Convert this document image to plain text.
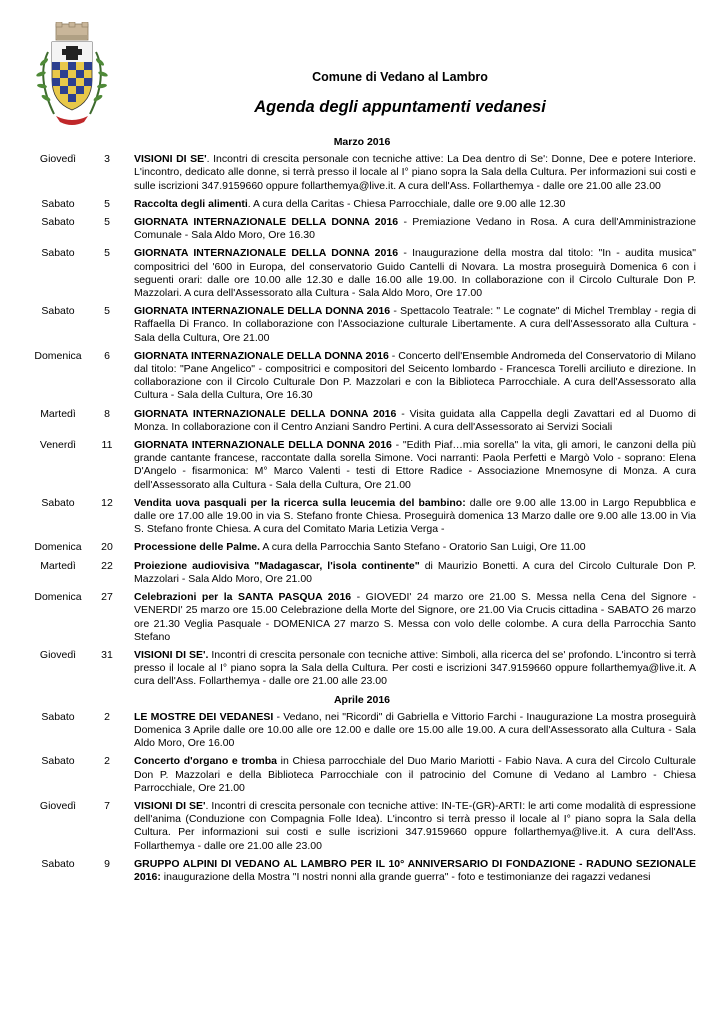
Comune di Vedano al Lambro
Agenda degli appuntamenti vedanesi
Marzo 2016
Giovedì	3	VISIONI DI SE'. Incontri di crescita personale con tecniche attive: La Dea dentro di Se': Donne, Dee e potere Interiore. L'incontro, dedicato alle donne, si terrà presso il locale al I° piano sopra la Sala della Cultura. Per informazioni sui costi e sulle iscrizioni 347.9159660 oppure follarthemya@live.it. A cura dell'Ass. Follarthemya - dalle ore 21.00 alle 23.00
Sabato	5	Raccolta degli alimenti. A cura della Caritas - Chiesa Parrocchiale, dalle ore 9.00 alle 12.30
Sabato	5	GIORNATA INTERNAZIONALE DELLA DONNA 2016 - Premiazione Vedano in Rosa. A cura dell'Amministrazione Comunale - Sala Aldo Moro, Ore 16.30
Sabato	5	GIORNATA INTERNAZIONALE DELLA DONNA 2016 - Inaugurazione della mostra dal titolo: "In - audita musica" compositrici del '600 in Europa, del conservatorio Guido Cantelli di Novara. La mostra proseguirà Domenica 6 con i seguenti orari: dalle ore 10.00 alle 12.30 e dalle 16.00 alle 19.00. In collaborazione con il Circolo Culturale Don P. Mazzolari. A cura dell'Assessorato alla Cultura - Sala Aldo Moro, Ore 17.00
Sabato	5	GIORNATA INTERNAZIONALE DELLA DONNA 2016 - Spettacolo Teatrale: " Le cognate" di Michel Tremblay - regia di Raffaella Di Franco. In collaborazione con l'Associazione culturale Libertamente. A cura dell'Assessorato alla Cultura - Sala della Cultura, Ore 21.00
Domenica	6	GIORNATA INTERNAZIONALE DELLA DONNA 2016 - Concerto dell'Ensemble Andromeda del Conservatorio di Milano dal titolo: "Pane Angelico" - compositrici e compositori del Seicento lombardo - Francesca Torelli arciliuto e direzione. In collaborazione con il Circolo Culturale Don P. Mazzolari e con la Biblioteca Parrocchiale. A cura dell'Assessorato alla Cultura - Sala della Cultura, Ore 16.30
Martedì	8	GIORNATA INTERNAZIONALE DELLA DONNA 2016 - Visita guidata alla Cappella degli Zavattari ed al Duomo di Monza. In collaborazione con il Centro Anziani Sandro Pertini. A cura dell'Assessorato ai Servizi Sociali
Venerdì	11	GIORNATA INTERNAZIONALE DELLA DONNA 2016 - "Edith Piaf…mia sorella" la vita, gli amori, le canzoni della più grande cantante francese, raccontate dalla sorella Simone. Voci narranti: Paola Perfetti e Margò Volo - soprano: Elena D'Angelo - fisarmonica: M° Marco Valenti - testi di Ettore Radice - Associazione Mnemosyne di Monza. A cura dell'Assessorato alla Cultura - Sala della Cultura, Ore 21.00
Sabato	12	Vendita uova pasquali per la ricerca sulla leucemia del bambino: dalle ore 9.00 alle 13.00 in Largo Repubblica e dalle ore 17.00 alle 19.00 in via S. Stefano fronte Chiesa. Proseguirà domenica 13 Marzo dalle ore 9.00 alle 13.00 in Via S. Stefano fronte Chiesa. A cura del Comitato Maria Letizia Verga -
Domenica	20	Processione delle Palme. A cura della Parrocchia Santo Stefano - Oratorio San Luigi, Ore 11.00
Martedì	22	Proiezione audiovisiva "Madagascar, l'isola continente" di Maurizio Bonetti. A cura del Circolo Culturale Don P. Mazzolari - Sala Aldo Moro, Ore 21.00
Domenica	27	Celebrazioni per la SANTA PASQUA 2016 - GIOVEDI' 24 marzo ore 21.00 S. Messa nella Cena del Signore - VENERDI' 25 marzo ore 15.00 Celebrazione della Morte del Signore, ore 21.00 Via Crucis cittadina - SABATO 26 marzo ore 21.30 Veglia Pasquale - DOMENICA 27 marzo S. Messa con volo delle colombe. A cura della Parrocchia Santo Stefano
Giovedì	31	VISIONI DI SE'. Incontri di crescita personale con tecniche attive: Simboli, alla ricerca del se' profondo. L'incontro si terrà presso il locale al I° piano sopra la Sala della Cultura. Per costi e iscrizioni 347.9159660 oppure follarthemya@live.it. A cura dell'Ass. Follarthemya - dalle ore 21.00 alle 23.00
Aprile 2016
Sabato	2	LE MOSTRE DEI VEDANESI - Vedano, nei "Ricordi" di Gabriella e Vittorio Farchi - Inaugurazione La mostra proseguirà Domenica 3 Aprile dalle ore 10.00 alle ore 12.00 e dalle ore 15.00 alle 19.00. A cura dell'Assessorato alla Cultura - Sala Aldo Moro, Ore 16.00
Sabato	2	Concerto d'organo e tromba in Chiesa parrocchiale del Duo Mario Mariotti - Fabio Nava. A cura del Circolo Culturale Don P. Mazzolari e della Biblioteca Parrocchiale con il patrocinio del Comune di Vedano al Lambro - Chiesa Parrocchiale, Ore 21.00
Giovedì	7	VISIONI DI SE'. Incontri di crescita personale con tecniche attive: IN-TE-(GR)-ARTI: le arti come modalità di espressione dell'anima (Conduzione con Compagnia Folle Idea). L'incontro si terrà presso il locale al I° piano sopra la Sala della Cultura. Per informazioni sui costi e sulle iscrizioni 347.9159660 oppure follarthemya@live.it. A cura dell'Ass. Follarthemya - dalle ore 21.00 alle 23.00
Sabato	9	GRUPPO ALPINI DI VEDANO AL LAMBRO PER IL 10° ANNIVERSARIO DI FONDAZIONE - RADUNO SEZIONALE 2016: inaugurazione della Mostra "I nostri nonni alla grande guerra" - foto e testimonianze dei ragazzi vedanesi
